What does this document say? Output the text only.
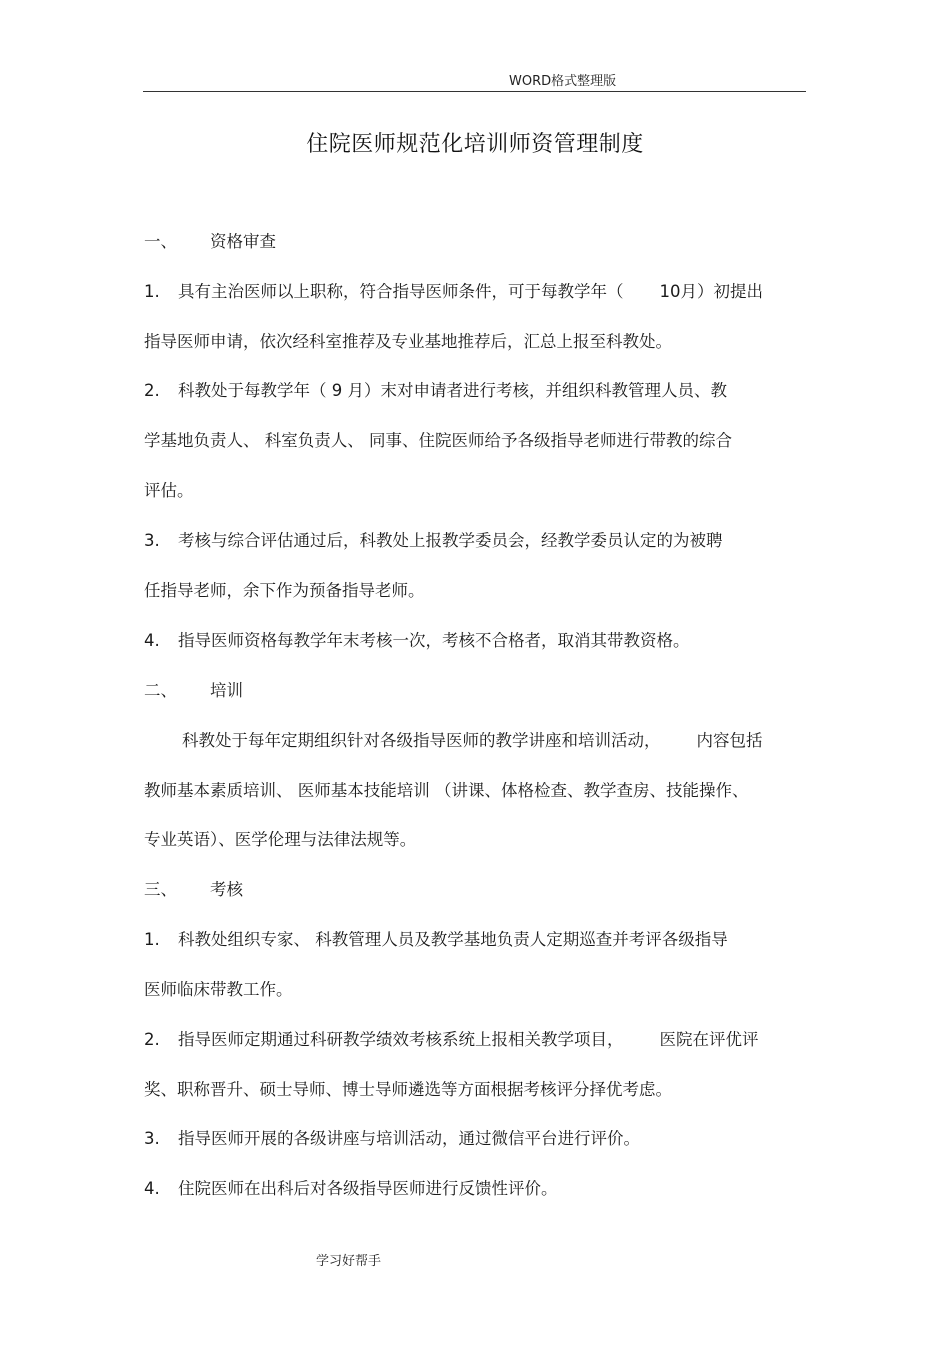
WORD格式整理版
住院医师规范化培训师资管理制度
一、 资格审查
1. 具有主治医师以上职称，符合指导医师条件，可于每教学年（ 10月）初提出
指导医师申请，依次经科室推荐及专业基地推荐后，汇总上报至科教处。
2. 科教处于每教学年（ 9 月）末对申请者进行考核，并组织科教管理人员、教
学基地负责人、 科室负责人、 同事、住院医师给予各级指导老师进行带教的综合
评估。
3. 考核与综合评估通过后，科教处上报教学委员会，经教学委员认定的为被聘
任指导老师，余下作为预备指导老师。
4. 指导医师资格每教学年末考核一次，考核不合格者，取消其带教资格。
二、 培训
科教处于每年定期组织针对各级指导医师的教学讲座和培训活动， 内容包括
教师基本素质培训、 医师基本技能培训 （讲课、体格检查、教学查房、技能操作、
专业英语）、医学伦理与法律法规等。
三、 考核
1. 科教处组织专家、 科教管理人员及教学基地负责人定期巡查并考评各级指导
医师临床带教工作。
2. 指导医师定期通过科研教学绩效考核系统上报相关教学项目， 医院在评优评
奖、职称晋升、硕士导师、博士导师遴选等方面根据考核评分择优考虑。
3. 指导医师开展的各级讲座与培训活动，通过微信平台进行评价。
4. 住院医师在出科后对各级指导医师进行反馈性评价。
学习好帮手
